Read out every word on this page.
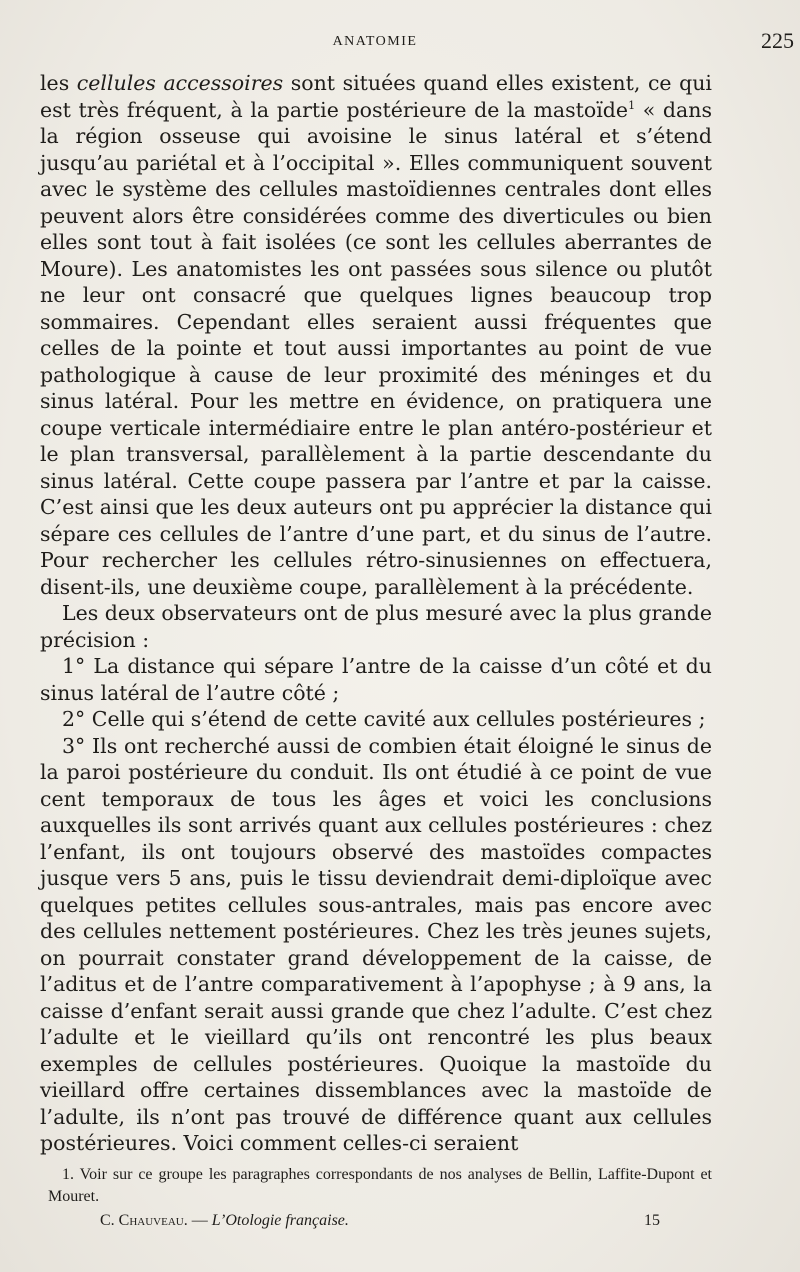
ANATOMIE	225

les cellules accessoires sont situées quand elles existent, ce qui est très fréquent, à la partie postérieure de la mastoïde$^1$ « dans la région osseuse qui avoisine le sinus latéral et s’étend jusqu’au pariétal et à l’occipital ». Elles communiquent souvent avec le système des cellules mastoïdiennes centrales dont elles peuvent alors être considérées comme des diverticules ou bien elles sont tout à fait isolées (ce sont les cellules aberrantes de Moure). Les anatomistes les ont passées sous silence ou plutôt ne leur ont consacré que quelques lignes beaucoup trop sommaires. Cependant elles seraient aussi fréquentes que celles de la pointe et tout aussi importantes au point de vue pathologique à cause de leur proximité des méninges et du sinus latéral. Pour les mettre en évidence, on pratiquera une coupe verticale intermédiaire entre le plan antéro-postérieur et le plan transversal, parallèlement à la partie descendante du sinus latéral. Cette coupe passera par l’antre et par la caisse. C’est ainsi que les deux auteurs ont pu apprécier la distance qui sépare ces cellules de l’antre d’une part, et du sinus de l’autre. Pour rechercher les cellules rétro-sinusiennes on effectuera, disent-ils, une deuxième coupe, parallèlement à la précédente.

Les deux observateurs ont de plus mesuré avec la plus grande précision :

1° La distance qui sépare l’antre de la caisse d’un côté et du sinus latéral de l’autre côté ;

2° Celle qui s’étend de cette cavité aux cellules postérieures ;

3° Ils ont recherché aussi de combien était éloigné le sinus de la paroi postérieure du conduit. Ils ont étudié à ce point de vue cent temporaux de tous les âges et voici les conclusions auxquelles ils sont arrivés quant aux cellules postérieures : chez l’enfant, ils ont toujours observé des mastoïdes compactes jusque vers 5 ans, puis le tissu deviendrait demi-diploïque avec quelques petites cellules sous-antrales, mais pas encore avec des cellules nettement postérieures. Chez les très jeunes sujets, on pourrait constater grand développement de la caisse, de l’aditus et de l’antre comparativement à l’apophyse ; à 9 ans, la caisse d’enfant serait aussi grande que chez l’adulte. C’est chez l’adulte et le vieillard qu’ils ont rencontré les plus beaux exemples de cellules postérieures. Quoique la mastoïde du vieillard offre certaines dissemblances avec la mastoïde de l’adulte, ils n’ont pas trouvé de différence quant aux cellules postérieures. Voici comment celles-ci seraient

1. Voir sur ce groupe les paragraphes correspondants de nos analyses de Bellin, Laffite-Dupont et Mouret.

C. Chauveau. — L’Otologie française.	15
